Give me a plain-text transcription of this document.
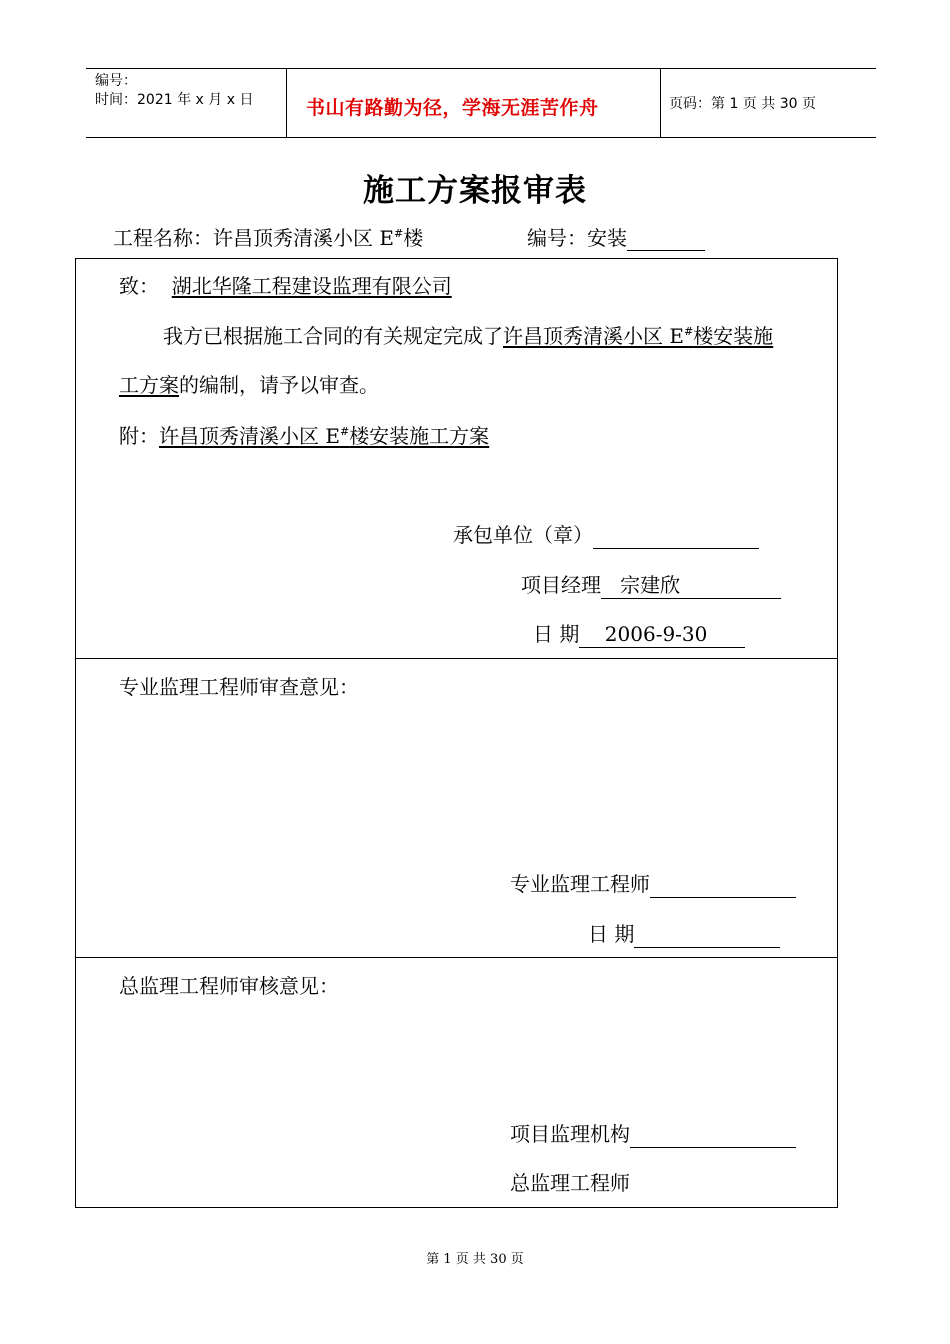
编号：
时间：2021 年 x 月 x 日	书山有路勤为径，学海无涯苦作舟	页码：第 1 页 共 30 页
施工方案报审表
工程名称：许昌顶秀清溪小区 E#楼	编号：安装
致： 湖北华隆工程建设监理有限公司
我方已根据施工合同的有关规定完成了许昌顶秀清溪小区 E#楼安装施
工方案的编制，请予以审查。
附：许昌顶秀清溪小区 E#楼安装施工方案
承包单位（章）
项目经理 宗建欣
日 期 2006-9-30
专业监理工程师审查意见：
专业监理工程师
日 期
总监理工程师审核意见：
项目监理机构
总监理工程师
第 1 页 共 30 页
